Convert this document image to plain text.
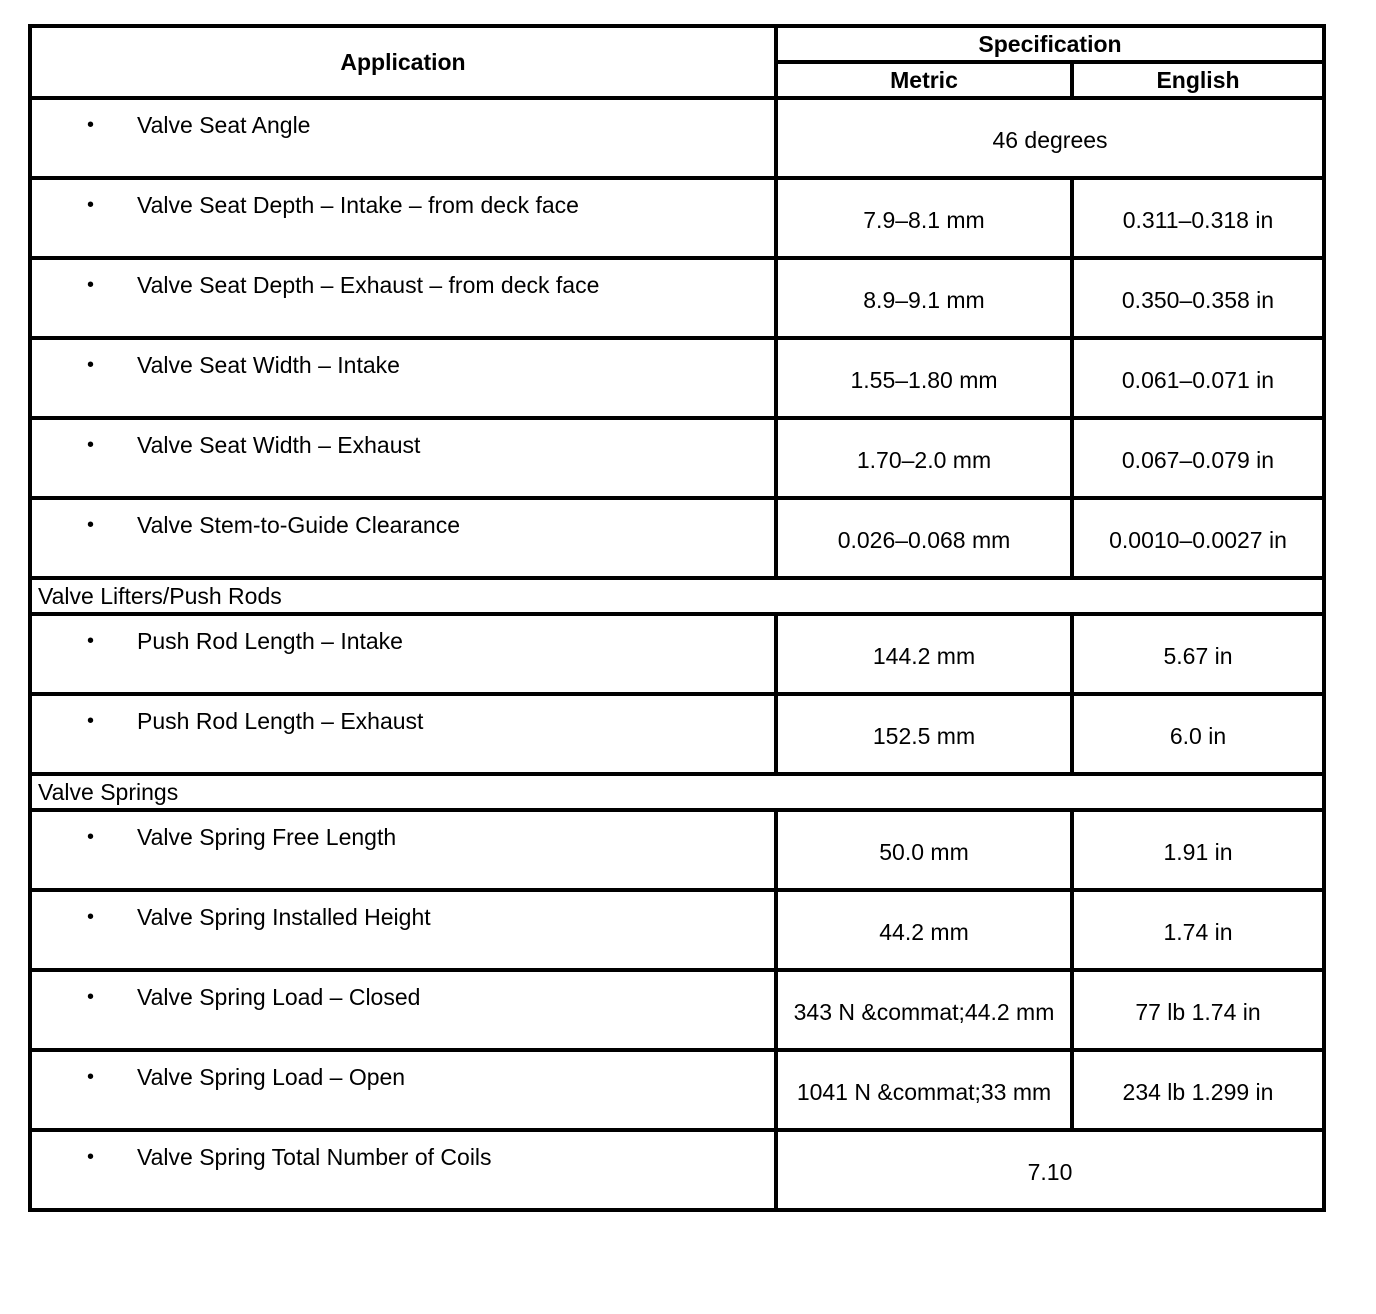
Application	Specification	
	Metric	English

• Valve Seat Angle	46 degrees	

• Valve Seat Depth – Intake – from deck face	7.9–8.1 mm	0.311–0.318 in

• Valve Seat Depth – Exhaust – from deck face	8.9–9.1 mm	0.350–0.358 in

• Valve Seat Width – Intake	1.55–1.80 mm	0.061–0.071 in

• Valve Seat Width – Exhaust	1.70–2.0 mm	0.067–0.079 in

• Valve Stem-to-Guide Clearance	0.026–0.068 mm	0.0010–0.0027 in
Valve Lifters/Push Rods		

• Push Rod Length – Intake	144.2 mm	5.67 in

• Push Rod Length – Exhaust	152.5 mm	6.0 in
Valve Springs		

• Valve Spring Free Length	50.0 mm	1.91 in

• Valve Spring Installed Height	44.2 mm	1.74 in

• Valve Spring Load – Closed	343 N &commat;44.2 mm	77 lb 1.74 in

• Valve Spring Load – Open	1041 N &commat;33 mm	234 lb 1.299 in

• Valve Spring Total Number of Coils	7.10	
